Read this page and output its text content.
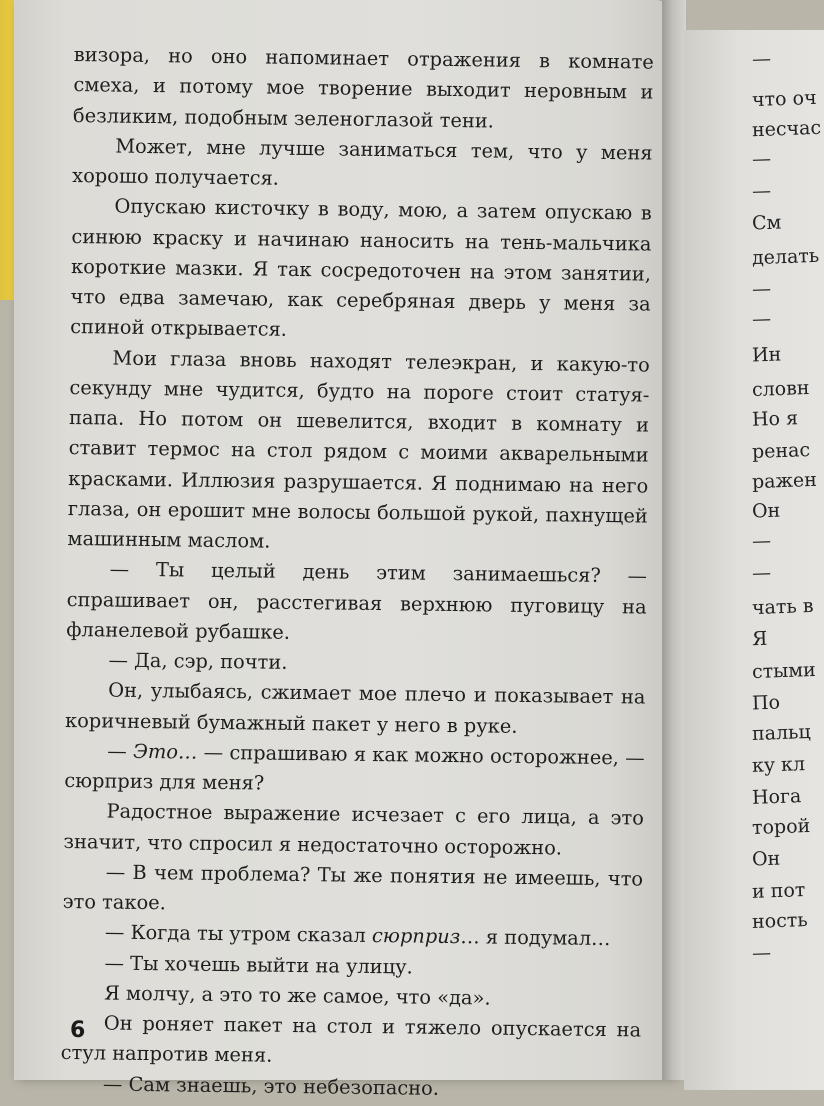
—
что оч
несчас
—
—
См
делать
—
—
Ин
словн
Но я
ренас
ражен
Он
—
—
чать в
Я
стыми
По
пальц
ку кл
Нога
торой
Он
и пот
ность
—

визора, но оно напоминает отражения в комнате смеха, и потому мое творение выходит неровным и безликим, подобным зеленоглазой тени.

Может, мне лучше заниматься тем, что у меня хорошо получается.

Опускаю кисточку в воду, мою, а затем опускаю в синюю краску и начинаю наносить на тень-мальчика короткие мазки. Я так сосредоточен на этом занятии, что едва замечаю, как серебряная дверь у меня за спиной открывается.

Мои глаза вновь находят телеэкран, и какую-то секунду мне чудится, будто на пороге стоит статуя-папа. Но потом он шевелится, входит в комнату и ставит термос на стол рядом с моими акварельными красками. Иллюзия разрушается. Я поднимаю на него глаза, он ерошит мне волосы большой рукой, пахнущей машинным маслом.

— Ты целый день этим занимаешься? — спрашивает он, расстегивая верхнюю пуговицу на фланелевой рубашке.

— Да, сэр, почти.

Он, улыбаясь, сжимает мое плечо и показывает на коричневый бумажный пакет у него в руке.

— Это… — спрашиваю я как можно осторожнее, — сюрприз для меня?

Радостное выражение исчезает с его лица, а это значит, что спросил я недостаточно осторожно.

— В чем проблема? Ты же понятия не имеешь, что это такое.

— Когда ты утром сказал сюрприз… я подумал…

— Ты хочешь выйти на улицу.

Я молчу, а это то же самое, что «да».

Он роняет пакет на стол и тяжело опускается на стул напротив меня.

— Сам знаешь, это небезопасно.

6
